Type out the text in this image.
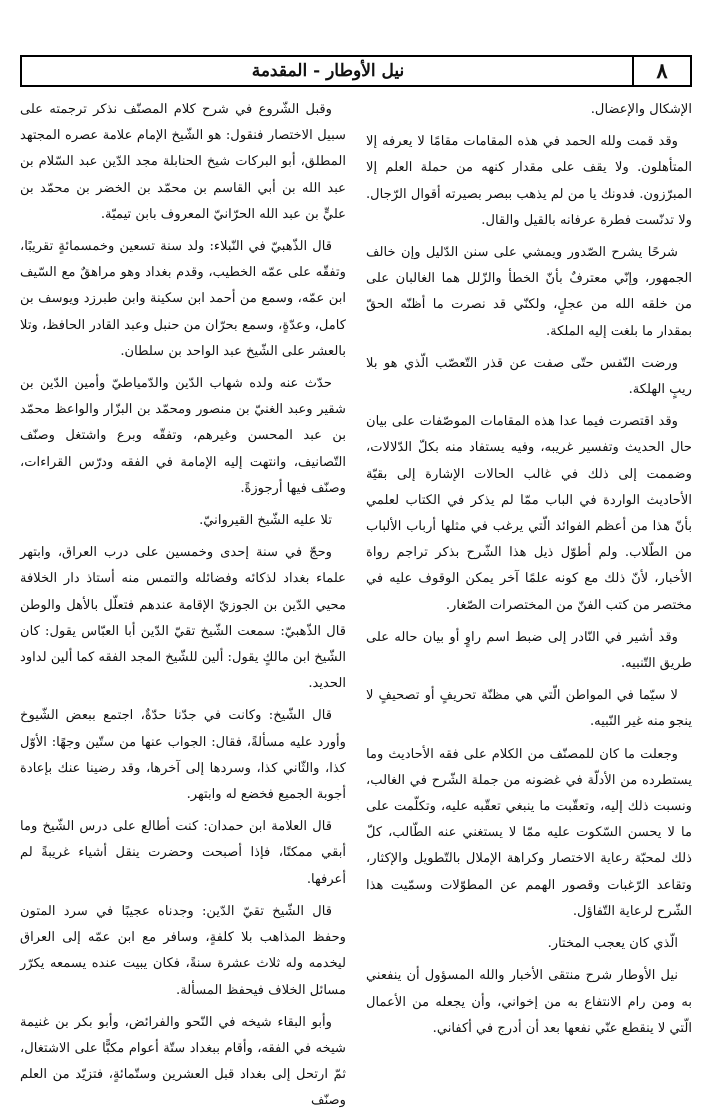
٨
نيل الأوطار - المقدمة

الإشكال والإعضال.

وقد قمت ولله الحمد في هذه المقامات مقامًا لا يعرفه إلا المتأهلون. ولا يقف على مقدار كنهه من حملة العلم إلا المبرّزون. فدونك يا من لم يذهب ببصر بصيرته أقوال الرّجال. ولا تدنّست فطرة عرفانه بالقيل والقال.

شرحًا يشرح الصّدور ويمشي على سنن الدّليل وإن خالف الجمهور، وإنّي معترفٌ بأنّ الخطأ والزّلل هما الغالبان على من خلقه الله من عجلٍ، ولكنّي قد نصرت ما أظنّه الحقّ بمقدار ما بلغت إليه الملكة.

ورضت النّفس حتّى صفت عن قذر التّعصّب الّذي هو بلا ريبٍ الهلكة.

وقد اقتصرت فيما عدا هذه المقامات الموصّفات على بيان حال الحديث وتفسير غريبه، وفيه يستفاد منه بكلّ الدّلالات، وضممت إلى ذلك في غالب الحالات الإشارة إلى بقيّة الأحاديث الواردة في الباب ممّا لم يذكر في الكتاب لعلمي بأنّ هذا من أعظم الفوائد الّتي يرغب في مثلها أرباب الألباب من الطّلاب. ولم أطوّل ذيل هذا الشّرح بذكر تراجم رواة الأخبار، لأنّ ذلك مع كونه علمًا آخر يمكن الوقوف عليه في مختصر من كتب الفنّ من المختصرات الصّغار.

وقد أشير في النّادر إلى ضبط اسم راوٍ أو بيان حاله على طريق التّنبيه.

لا سيّما في المواطن الّتي هي مظنّة تحريفٍ أو تصحيفٍ لا ينجو منه غير النّبيه.

وجعلت ما كان للمصنّف من الكلام على فقه الأحاديث وما يستطرده من الأدلّة في غضونه من جملة الشّرح في الغالب، ونسبت ذلك إليه، وتعقّبت ما ينبغي تعقّبه عليه، وتكلّمت على ما لا يحسن السّكوت عليه ممّا لا يستغني عنه الطّالب، كلّ ذلك لمحبّة رعاية الاختصار وكراهة الإملال بالتّطويل والإكثار، وتقاعد الرّغبات وقصور الهمم عن المطوّلات وسمّيت هذا الشّرح لرعاية التّفاؤل.

الّذي كان يعجب المختار.

نيل الأوطار شرح منتقى الأخبار والله المسؤول أن ينفعني به ومن رام الانتفاع به من إخواني، وأن يجعله من الأعمال الّتي لا ينقطع عنّي نفعها بعد أن أدرج في أكفاني.

وقبل الشّروع في شرح كلام المصنّف نذكر ترجمته على سبيل الاختصار فنقول: هو الشّيخ الإمام علامة عصره المجتهد المطلق، أبو البركات شيخ الحنابلة مجد الدّين عبد السّلام بن عبد الله بن أبي القاسم بن محمّد بن الخضر بن محمّد بن عليٍّ بن عبد الله الحرّانيّ المعروف بابن تيميّة.

قال الذّهبيّ في النّبلاء: ولد سنة تسعين وخمسمائةٍ تقريبًا، وتفقّه على عمّه الخطيب، وقدم بغداد وهو مراهقٌ مع السّيف ابن عمّه، وسمع من أحمد ابن سكينة وابن طبرزد ويوسف بن كامل، وعدّةٍ، وسمع بحرّان من حنبل وعبد القادر الحافظ، وتلا بالعشر على الشّيخ عبد الواحد بن سلطان.

حدّث عنه ولده شهاب الدّين والدّمياطيّ وأمين الدّين بن شقير وعبد الغنيّ بن منصور ومحمّد بن البزّار والواعظ محمّد بن عبد المحسن وغيرهم، وتفقّه وبرع واشتغل وصنّف التّصانيف، وانتهت إليه الإمامة في الفقه ودرّس القراءات، وصنّف فيها أرجوزةً.

تلا عليه الشّيخ القيروانيّ.

وحجّ في سنة إحدى وخمسين على درب العراق، وابتهر علماء بغداد لذكائه وفضائله والتمس منه أستاذ دار الخلافة محيي الدّين بن الجوزيّ الإقامة عندهم فتعلّل بالأهل والوطن قال الذّهبيّ: سمعت الشّيخ تقيّ الدّين أبا العبّاس يقول: كان الشّيخ ابن مالكٍ يقول: ألين للشّيخ المجد الفقه كما ألين لداود الحديد.

قال الشّيخ: وكانت في جدّنا حدّةٌ، اجتمع ببعض الشّيوخ وأورد عليه مسألةً، فقال: الجواب عنها من ستّين وجهًا: الأوّل كذا، والثّاني كذا، وسردها إلى آخرها، وقد رضينا عنك بإعادة أجوبة الجميع فخضع له وابتهر.

قال العلامة ابن حمدان: كنت أطالع على درس الشّيخ وما أبقي ممكنًا، فإذا أصبحت وحضرت ينقل أشياء غريبةً لم أعرفها.

قال الشّيخ تقيّ الدّين: وجدناه عجيبًا في سرد المتون وحفظ المذاهب بلا كلفةٍ، وسافر مع ابن عمّه إلى العراق ليخدمه وله ثلاث عشرة سنةً، فكان يبيت عنده يسمعه يكرّر مسائل الخلاف فيحفظ المسألة.

وأبو البقاء شيخه في النّحو والفرائض، وأبو بكر بن غنيمة شيخه في الفقه، وأقام ببغداد ستّة أعوام مكبًّا على الاشتغال، ثمّ ارتحل إلى بغداد قبل العشرين وستّمائةٍ، فتزيّد من العلم وصنّف
